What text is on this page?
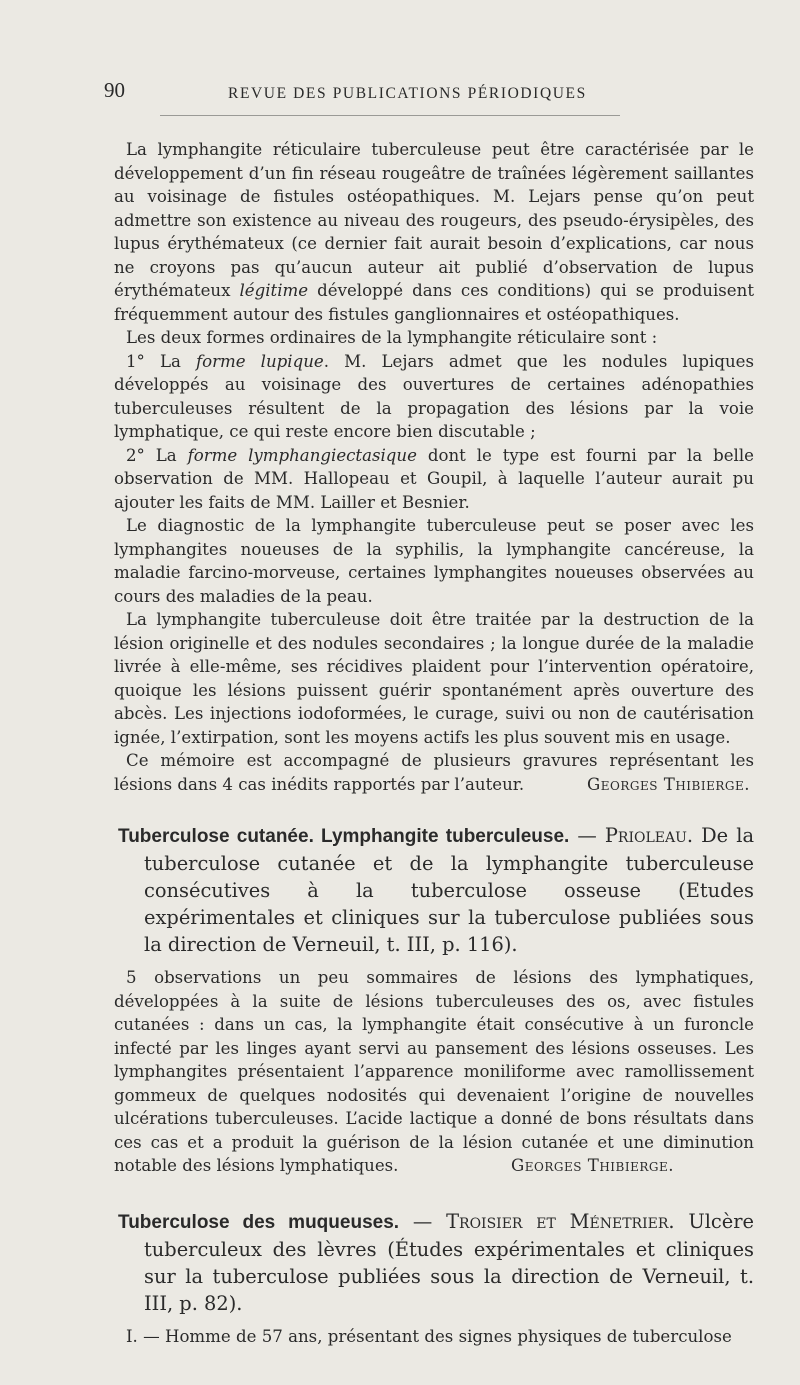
90	REVUE DES PUBLICATIONS PÉRIODIQUES

La lymphangite réticulaire tuberculeuse peut être caractérisée par le développement d’un fin réseau rougeâtre de traînées légèrement saillantes au voisinage de fistules ostéopathiques. M. Lejars pense qu’on peut admettre son existence au niveau des rougeurs, des pseudo-érysipèles, des lupus érythémateux (ce dernier fait aurait besoin d’explications, car nous ne croyons pas qu’aucun auteur ait publié d’observation de lupus érythémateux légitime développé dans ces conditions) qui se produisent fréquemment autour des fistules ganglionnaires et ostéopathiques.

Les deux formes ordinaires de la lymphangite réticulaire sont :

1° La forme lupique. M. Lejars admet que les nodules lupiques développés au voisinage des ouvertures de certaines adénopathies tuberculeuses résultent de la propagation des lésions par la voie lymphatique, ce qui reste encore bien discutable ;

2° La forme lymphangiectasique dont le type est fourni par la belle observation de MM. Hallopeau et Goupil, à laquelle l’auteur aurait pu ajouter les faits de MM. Lailler et Besnier.

Le diagnostic de la lymphangite tuberculeuse peut se poser avec les lymphangites noueuses de la syphilis, la lymphangite cancéreuse, la maladie farcino-morveuse, certaines lymphangites noueuses observées au cours des maladies de la peau.

La lymphangite tuberculeuse doit être traitée par la destruction de la lésion originelle et des nodules secondaires ; la longue durée de la maladie livrée à elle-même, ses récidives plaident pour l’intervention opératoire, quoique les lésions puissent guérir spontanément après ouverture des abcès. Les injections iodoformées, le curage, suivi ou non de cautérisation ignée, l’extirpation, sont les moyens actifs les plus souvent mis en usage.

Ce mémoire est accompagné de plusieurs gravures représentant les lésions dans 4 cas inédits rapportés par l’auteur.	Georges Thibierge.

Tuberculose cutanée. Lymphangite tuberculeuse. — Prioleau. De la tuberculose cutanée et de la lymphangite tuberculeuse consécutives à la tuberculose osseuse (Etudes expérimentales et cliniques sur la tuberculose publiées sous la direction de Verneuil, t. III, p. 116).

5 observations un peu sommaires de lésions des lymphatiques, développées à la suite de lésions tuberculeuses des os, avec fistules cutanées : dans un cas, la lymphangite était consécutive à un furoncle infecté par les linges ayant servi au pansement des lésions osseuses. Les lymphangites présentaient l’apparence moniliforme avec ramollissement gommeux de quelques nodosités qui devenaient l’origine de nouvelles ulcérations tuberculeuses. L’acide lactique a donné de bons résultats dans ces cas et a produit la guérison de la lésion cutanée et une diminution notable des lésions lymphatiques.	Georges Thibierge.

Tuberculose des muqueuses. — Troisier et Ménetrier. Ulcère tuberculeux des lèvres (Études expérimentales et cliniques sur la tuberculose publiées sous la direction de Verneuil, t. III, p. 82).

I. — Homme de 57 ans, présentant des signes physiques de tuberculose
